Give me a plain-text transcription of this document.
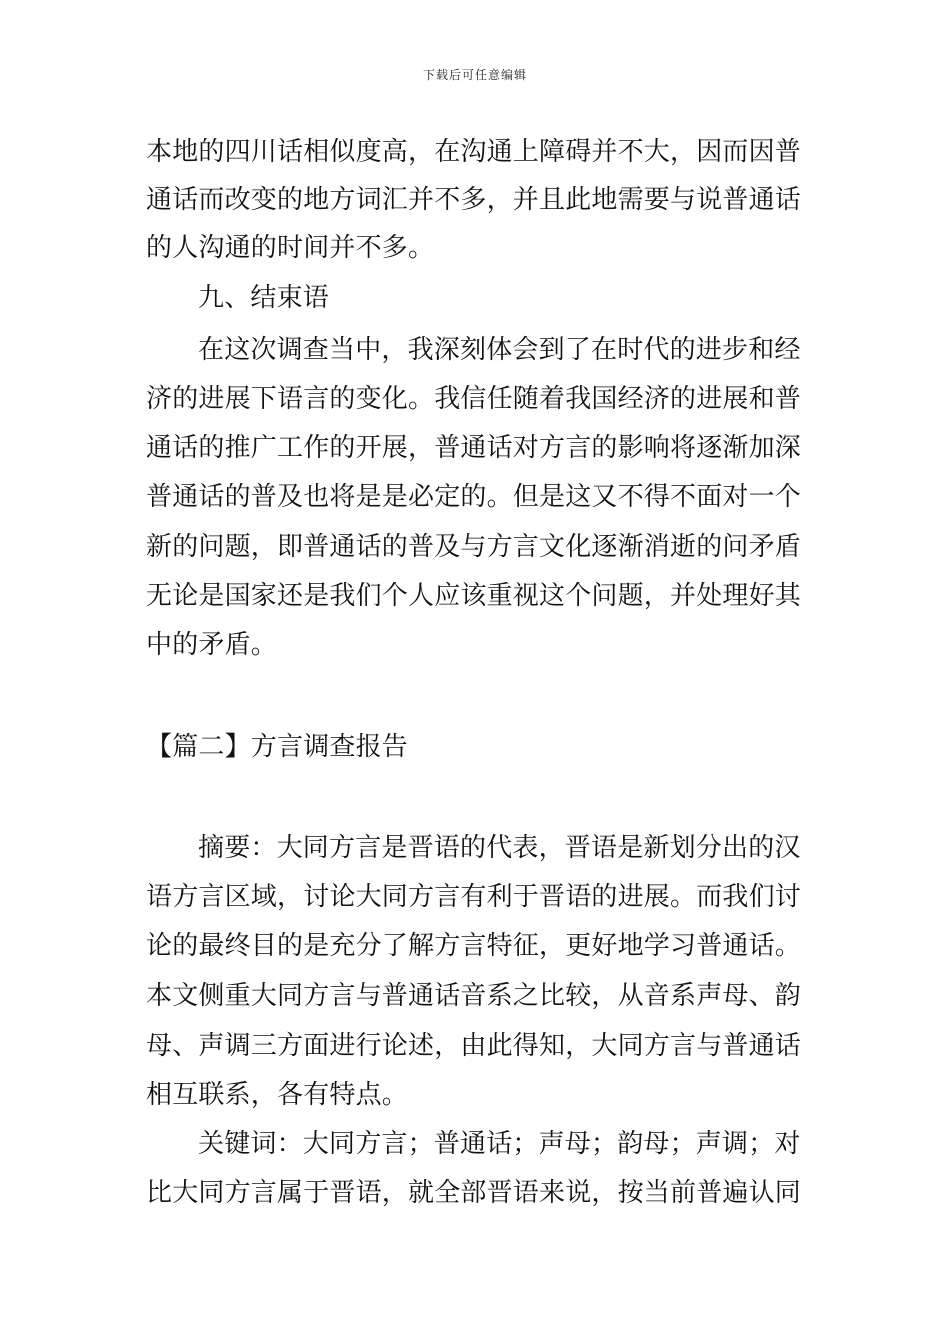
下载后可任意编辑
本地的四川话相似度高，在沟通上障碍并不大，因而因普
通话而改变的地方词汇并不多，并且此地需要与说普通话
的人沟通的时间并不多。
九、结束语
在这次调查当中，我深刻体会到了在时代的进步和经
济的进展下语言的变化。我信任随着我国经济的进展和普
通话的推广工作的开展，普通话对方言的影响将逐渐加深
普通话的普及也将是是必定的。但是这又不得不面对一个
新的问题，即普通话的普及与方言文化逐渐消逝的问矛盾
无论是国家还是我们个人应该重视这个问题，并处理好其
中的矛盾。
【篇二】方言调查报告
摘要：大同方言是晋语的代表，晋语是新划分出的汉
语方言区域，讨论大同方言有利于晋语的进展。而我们讨
论的最终目的是充分了解方言特征，更好地学习普通话。
本文侧重大同方言与普通话音系之比较，从音系声母、韵
母、声调三方面进行论述，由此得知，大同方言与普通话
相互联系，各有特点。
关键词：大同方言；普通话；声母；韵母；声调；对
比大同方言属于晋语，就全部晋语来说，按当前普遍认同
